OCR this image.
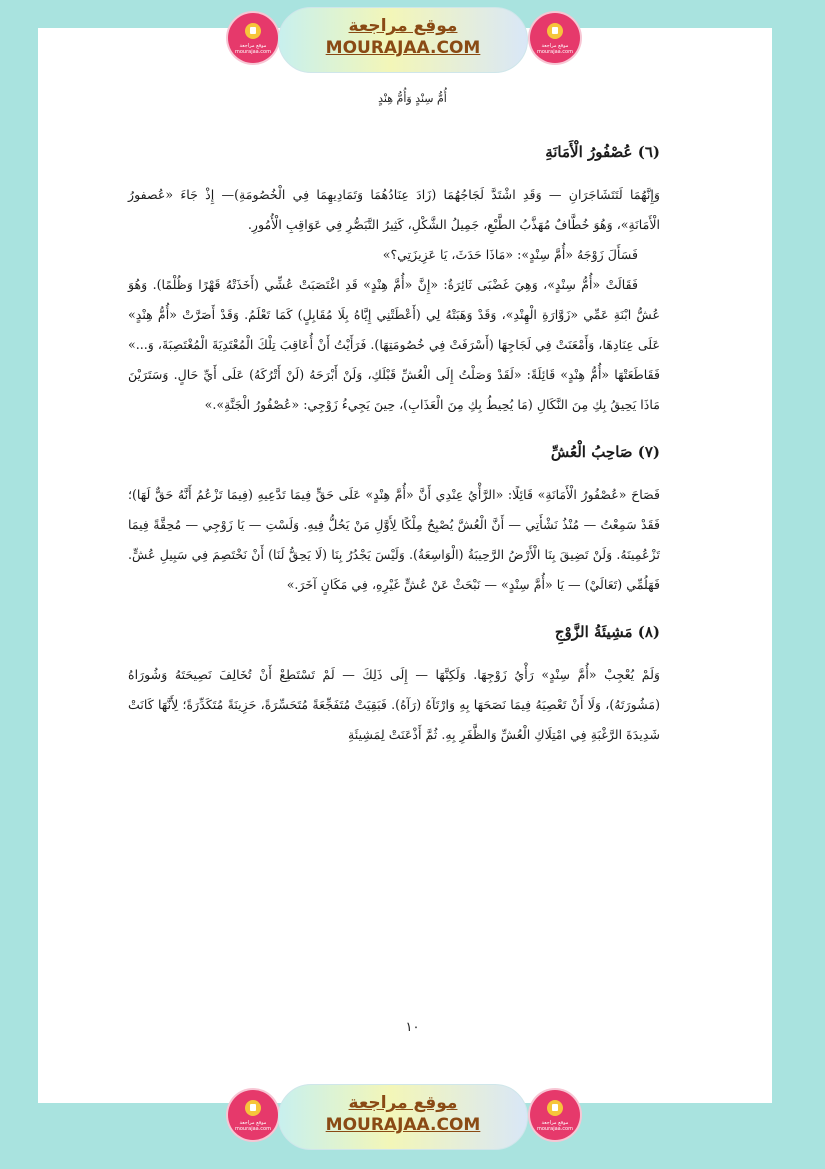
موقع مراجعة mourajaa.com
موقع مراجعة
MOURAJAA.COM	موقع مراجعة mourajaa.com
أُمُّ سِنْدٍ وَأُمُّ هِنْدٍ
(٦) عُصْفُورُ الْأَمَانَةِ

وَإِنَّهُمَا لَتَتَشَاجَرَانِ — وَقَدِ اشْتَدَّ لَجَاجُهُمَا (زَادَ عِنَادُهُمَا وَتَمَادِيهِمَا فِي الْخُصُومَةِ)— إِذْ جَاءَ «عُصفورُ الْأَمَانَةِ»، وَهُوَ خُطَّافٌ مُهَذَّبُ الطَّبْعِ، جَمِيلُ الشَّكْلِ، كَثِيرُ التَّبَصُّرِ فِي عَوَاقِبِ الْأُمُورِ.

فَسَأَلَ زَوْجَهُ «أُمَّ سِنْدٍ»: «مَاذَا حَدَثَ، يَا عَزِيزَتِي؟»

فَقَالَتْ «أُمُّ سِنْدٍ»، وَهِيَ غَضْبَى ثَائِرَةٌ: «إِنَّ «أُمَّ هِنْدٍ» قَدِ اغْتَصَبَتْ عُشِّي (أَخَذَتْهُ قَهْرًا وَظُلْمًا). وَهُوَ عُشُّ ابْنَةِ عَمِّي «زَوَّارَةِ الْهِنْدِ»، وَقَدْ وَهَبَتْهُ لِي (أَعْطَتْنِي إِيَّاهُ بِلَا مُقَابِلٍ) كَمَا تَعْلَمُ. وَقَدْ أَصَرَّتْ «أُمُّ هِنْدٍ» عَلَى عِنَادِهَا، وَأَمْعَنَتْ فِي لَجَاجِهَا (أَسْرَفَتْ فِي خُصُومَتِهَا). فَرَأَيْتُ أَنْ أُعَاقِبَ تِلْكَ الْمُعْتَدِيَةَ الْمُغْتَصِبَةَ، وَ...» فَقَاطَعَتْهَا «أُمُّ هِنْدٍ» قَائِلَةً: «لَقَدْ وَصَلْتُ إِلَى الْعُشِّ قَبْلَكِ، وَلَنْ أَبْرَحَهُ (لَنْ أَتْرُكَهُ) عَلَى أَيِّ حَالٍ. وَسَتَرَيْنَ مَاذَا يَحِيقُ بِكِ مِنَ النَّكَالِ (مَا يُحِيطُ بِكِ مِنَ الْعَذَابِ)، حِينَ يَجِيءُ زَوْجِي: «عُصْفُورُ الْجَنَّةِ».»

(٧) صَاحِبُ الْعُشِّ

فَصَاحَ «عُصْفُورُ الْأَمَانَةِ» قَائِلًا: «الرَّأْيُ عِنْدِي أَنَّ «أُمَّ هِنْدٍ» عَلَى حَقٍّ فِيمَا تَدَّعِيهِ (فِيمَا تَزْعُمُ أَنَّهُ حَقٌّ لَهَا)؛ فَقَدْ سَمِعْتُ — مُنْذُ نَشْأَتِي — أَنَّ الْعُشَّ يُصْبِحُ مِلْكًا لِأَوَّلِ مَنْ يَحُلُّ فِيهِ. وَلَسْتِ — يَا زَوْجِي — مُحِقَّةً فِيمَا تَزْعُمِينَهُ. وَلَنْ تَضِيقَ بِنَا الْأَرْضُ الرَّحِيبَةُ (الْوَاسِعَةُ). وَلَيْسَ يَجْدُرُ بِنَا (لَا يَحِقُّ لَنَا) أَنْ نَخْتَصِمَ فِي سَبِيلِ عُشٍّ. فَهَلُمِّي (تَعَالَيْ) — يَا «أُمَّ سِنْدٍ» — نَبْحَثْ عَنْ عُشٍّ غَيْرِهِ، فِي مَكَانٍ آخَرَ.»

(٨) مَشِيئَةُ الزَّوْجِ

وَلَمْ يُعْجِبْ «أُمَّ سِنْدٍ» رَأْيُ زَوْجِهَا. وَلَكِنَّهَا — إِلَى ذَلِكَ — لَمْ تَسْتَطِعْ أَنْ تُخَالِفَ نَصِيحَتَهُ وَشُورَاهُ (مَشُورَتَهُ)، وَلَا أَنْ تَعْصِيَهُ فِيمَا نَصَحَهَا بِهِ وَارْتَآهُ (رَآهُ). فَبَقِيَتْ مُتَفَجِّعَةً مُتَحَسِّرَةً، حَزِينَةً مُتَكَدِّرَةً؛ لِأَنَّهَا كَانَتْ شَدِيدَةَ الرَّغْبَةِ فِي امْتِلَاكِ الْعُشِّ وَالظَّفَرِ بِهِ. ثُمَّ أَذْعَنَتْ لِمَشِيئَةِ

١٠
موقع مراجعة mourajaa.com
موقع مراجعة
MOURAJAA.COM	موقع مراجعة mourajaa.com
